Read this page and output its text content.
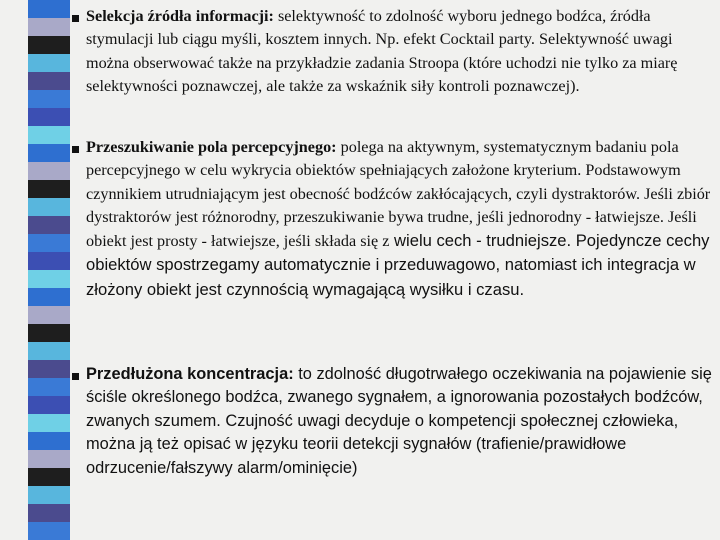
Selekcja źródła informacji: selektywność to zdolność wyboru jednego bodźca, źródła stymulacji lub ciągu myśli, kosztem innych. Np. efekt Cocktail party. Selektywność uwagi można obserwować także na przykładzie zadania Stroopa (które uchodzi nie tylko za miarę selektywności poznawczej, ale także za wskaźnik siły kontroli poznawczej).

Przeszukiwanie pola percepcyjnego: polega na aktywnym, systematycznym badaniu pola percepcyjnego w celu wykrycia obiektów spełniających założone kryterium. Podstawowym czynnikiem utrudniającym jest obecność bodźców zakłócających, czyli dystraktorów. Jeśli zbiór dystraktorów jest różnorodny, przeszukiwanie bywa trudne, jeśli jednorodny - łatwiejsze. Jeśli obiekt jest prosty - łatwiejsze, jeśli składa się z wielu cech - trudniejsze. Pojedyncze cechy obiektów spostrzegamy automatycznie i przeduwagowo, natomiast ich integracja w złożony obiekt jest czynnością wymagającą wysiłku i czasu.

Przedłużona koncentracja: to zdolność długotrwałego oczekiwania na pojawienie się ściśle określonego bodźca, zwanego sygnałem, a ignorowania pozostałych bodźców, zwanych szumem. Czujność uwagi decyduje o kompetencji społecznej człowieka, można ją też opisać w języku teorii detekcji sygnałów (trafienie/prawidłowe odrzucenie/fałszywy alarm/ominięcie)
